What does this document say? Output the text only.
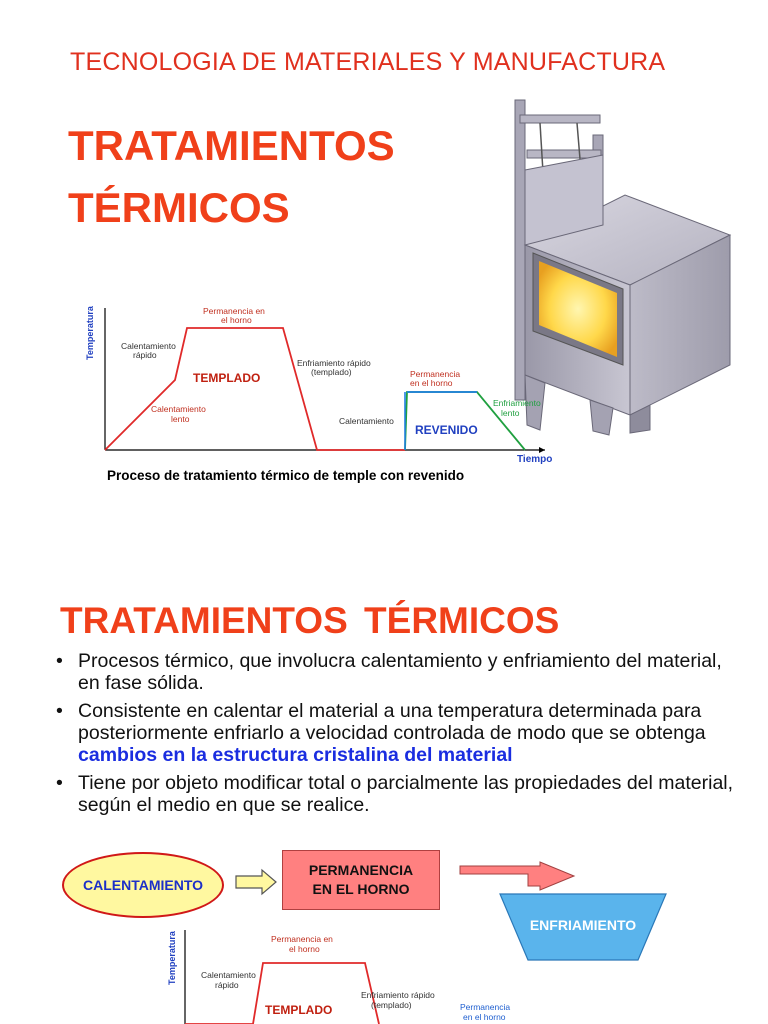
TECNOLOGIA DE MATERIALES Y MANUFACTURA
TRATAMIENTOS
TÉRMICOS
Temperatura
Tiempo
Permanencia en
el horno
Calentamiento
rápido
TEMPLADO
Enfriamiento rápido
(templado)
Calentamiento
lento	Calentamiento
Permanencia
en el horno
REVENIDO
Enfriamiento
lento
Proceso de tratamiento térmico de temple con revenido
TRATAMIENTOS TÉRMICOS
• Procesos térmico, que involucra calentamiento y enfriamiento del material, en fase sólida.
• Consistente en calentar el material a una temperatura determinada para posteriormente enfriarlo a velocidad controlada de modo que se obtenga cambios en la estructura cristalina del material
• Tiene por objeto modificar total o parcialmente las propiedades del material, según el medio en que se realice.
CALENTAMIENTO
PERMANENCIA
EN EL HORNO
ENFRIAMIENTO
Temperatura	Permanencia en
el horno
Calentamiento
rápido
TEMPLADO
Enfriamiento rápido
(templado)	Permanencia
en el horno
